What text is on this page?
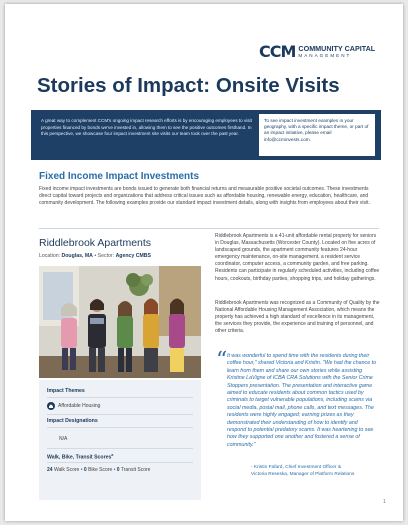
CCM COMMUNITY CAPITAL
MANAGEMENT
Stories of Impact: Onsite Visits
A great way to complement CCM's ongoing impact research efforts is by encouraging employees to visit properties financed by bonds we've invested in, allowing them to see the positive outcomes firsthand. In this perspective, we showcase four impact investment site visits our team took over the past year.
To see impact investment examples in your geography, with a specific impact theme, or part of an impact initiative, please email info@ccminvests.com.
Fixed Income Impact Investments
Fixed income impact investments are bonds issued to generate both financial returns and measurable positive societal outcomes. These investments direct capital toward projects and organizations that address critical issues such as affordable housing, renewable energy, education, healthcare, and community development. The following examples provide our standard impact investment details, along with insights from employees about their visit.
Riddlebrook Apartments
Location: Douglas, MA • Sector: Agency CMBS
Impact Themes
Affordable Housing
Impact Designations
N/A
Walk, Bike, Transit Scores$^a$
24 Walk Score • 0 Bike Score • 0 Transit Score
Riddlebrook Apartments is a 41-unit affordable rental property for seniors in Douglas, Massachusetts (Worcester County). Located on five acres of landscaped grounds, the apartment community features 24-hour emergency maintenance, on-site management, a resident service coordinator, computer access, a community garden, and free parking. Residents can participate in regularly scheduled activities, including coffee hours, cookouts, birthday parties, shopping trips, and holiday gatherings.
Riddlebrook Apartments was recognized as a Community of Quality by the National Affordable Housing Management Association, which means the property has achieved a high standard of excellence in its management, the services they provide, the experience and training of personnel, and other criteria.
“ It was wonderful to spend time with the residents during their coffee hour," shared Victoria and Kristin. "We had the chance to learn from them and share our own stories while assisting Kristine LaVigne of ICBA CRA Solutions with the Senior Crime Stoppers presentation. The presentation and interactive game aimed to educate residents about common tactics used by criminals to target vulnerable populations, including scams via social media, postal mail, phone calls, and text messages. The residents were highly engaged; earning prizes as they demonstrated their understanding of how to identify and respond to potential predatory scams. It was heartening to see how they supported one another and fostered a sense of community."
- Kristin Fafard, Chief Investment Officer &
Victoria Reseska, Manager of Platform Relations
1
